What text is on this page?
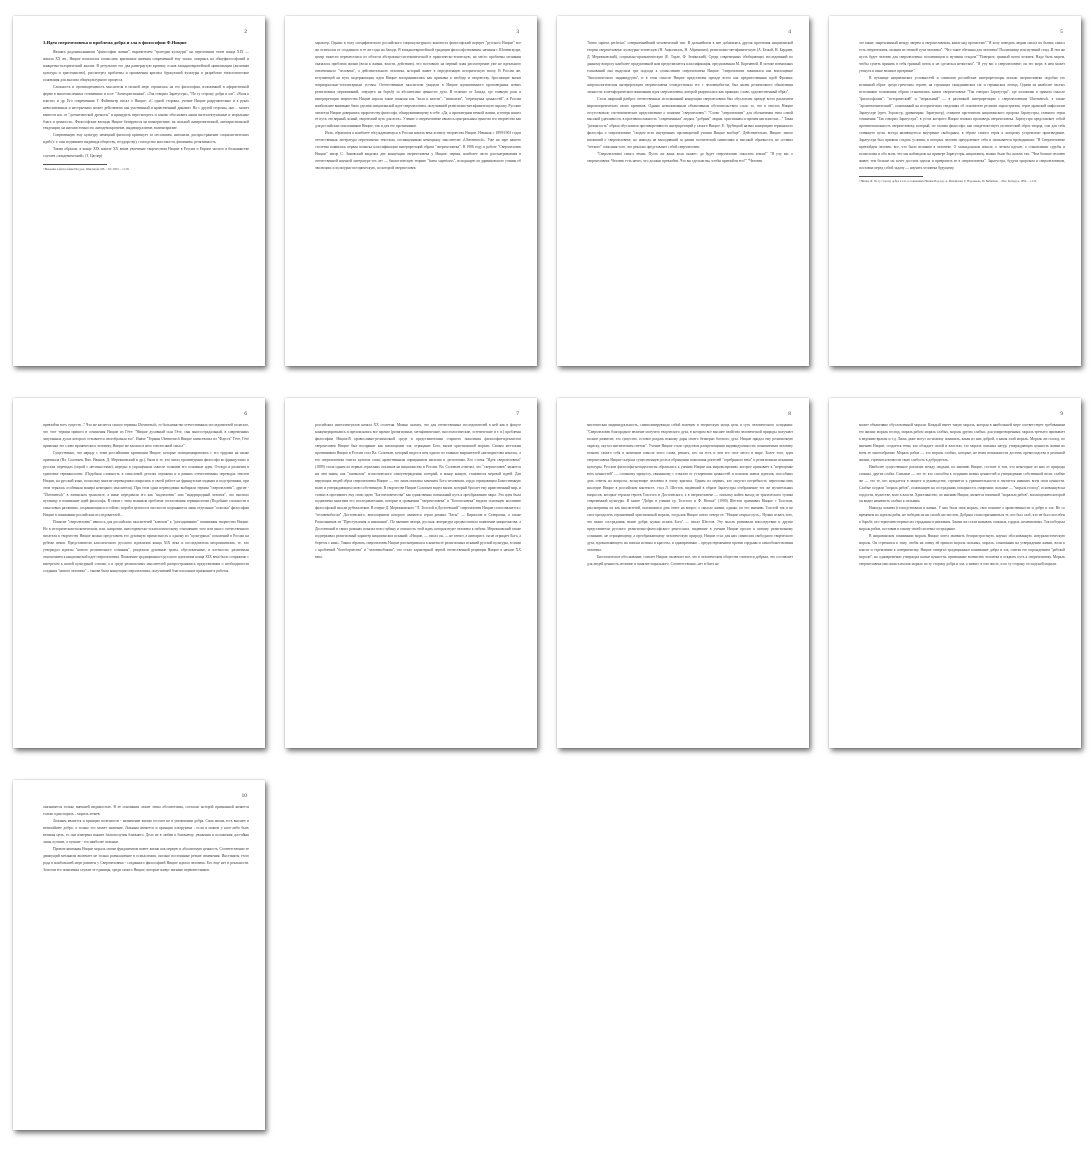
2
3.Идея сверхчеловека и проблема добра и зла в философии Ф.Ницше

Являясь родоначальником "философии жизни", выразителем "трагедии культуры" на переломном этапе конца XIX — начала XX вв., Ницше попытался осмыслить кризисные явления современной ему эпохи, опираясь на общефилософский и конкретно-исторический анализ. В результате его два развернутую критику основ западноевропейской цивилизации (античная культура и христианство), рассмотрел проблемы и проявления кризиса буржуазной культуры в разработке типологические основания для анализа общекультурного процесса.

Сложность и противоречивость мыслителя в полной мере отразилась на его философии, изложенной в афористичной форме в многочисленных сочинениях и эссе: "Антихристианин", «Так говорил Заратустра», "По ту сторону добра и зла", «Воля к власти» и др. Его современник Г. Файхингер писал о Ницше: «С одной стороны, учение Ницше разрушительно и в руках невоспитанных и несерьезных может действовать как умственный и нравственный динамит. Но с другой стороны, оно… может вывести нас от "догматической дремоты" и принудить пересмотреть и заново обосновать наши интеллектуальные и моральные блага и ценности». Философские взгляды Ницше базируются на иммористине, на сильной антирелигиозной, антихристианской тенденции, на нигилистичности, антидемократизме, индивидуализме, волюнтаризме.

Современную ему культуру немецкий философ критикует за пессимизм, нигилизм, распространение социалистических идей (т. е. они подчиняют индивида обществу, государству), господство массовости, феминизм, релятивность.

Таким образом, в конце XIX начале XX веков увлечение творчеством Ницше в России и Европе носило в большинстве случаев «эпидемический» (Т. Цатлер)

¹ Введение в философию/Под ред. Шмелевой О.В. – М.: 2003. – с.128.
3

характер. Однако в силу специфического российского социокультурного контекста философский портрет "русского Ницше" все же отличался от созданного в те же годы на Западе. В западноевропейской традиции философствования, начиная с Шопенгауэра, центр тяжести переместился из области абстрактно-систематической в практическо-этическую, на место проблемы познания оказалась проблема жизни (воля к жизни, власти, действию), что поставило на первый план рассмотрение уже не идеального отвлеченного "человека", а действительного человека, который живет в определенную историческую эпоху. В России же, вступающей на путь модернизации, идеи Ницше воспринимались как призывы к свободе и творчеству, бросающие вызов патриархально-тоталитарным устоям. Отечественные мыслители увидели в Ницше вдохновенного проповедника новых религиозных переживаний, зовущего на борьбу за абсолютные ценности духа. В отличие от Запада, где главную роль в интерпретации творчества Ницше играли такие понятия как "воля к власти", "нигилизм", "переоценка ценностей", в России наибольшее внимание было уделено ницшеанской идее сверхчеловека, получившей религиозно-метафизическую окраску. Русские читатели Ницше доверялись пророчеству философа, обнаруживающему в себе: «Да, я проповедник вечной жизни, и теперь нашел ее путь: ею верный, ясный, творческий путь для всех». Учение о сверхчеловеке явилось центральным пунктом его творчества как для российских поклонников Ницше, так и для его противников.

Итак, обратимся к наиболее обсуждавшемуся в России начала века аспекту творчества Ницше. Начиная с 1899/1903 годов отечественная литература переполнена текстами, посвященными немецкому мыслителю «Ubermensch». Уже на заре вашего столетия появилась первая попытка классификации интерпретаций образа "сверхчеловека". В 1906 году в работе "Сверхчеловек Ницше" автор С. Зиновский выделил две концепции сверхчеловека у Ницше: первая, наиболее часто рассматриваемая в отечественной научной литературе тех лет — биологическую теорию "homo superiorus", исходящую из дарвиновского учения об эволюции; и культурно-историческую, по которой сверхчеловек

4

"homo sapiens perfectus" совершеннейший человеческий тип. В дальнейшем в нее добавилась другая прочтения ницшеанской теории сверхчеловека: культурно-этическую (Н. Аяксенталь, Н. Абрамович), религиозно-метафизическую (А. Белый, Н. Бердяев, Д. Мережковский), социально-прагматическую (Е. Тарле, Ф. Зелинский). Среди современных обобщающих исследований по данному вопросу наиболее продуктивной нам представляется классификация, предложенная М. Кореневой. В потоке возможных толкований она выделила три подхода к осмыслению сверхчеловека Ницше: "сверхчеловек понимался как воплощение "биологического индивидуума", и в этом смысле Ницше представлен прежде всего как предшественник идей Фромма; антропологическая интерпретация сверхчеловека отождествляла его с человекобогом, был явлен религиозного обновления личности; в метафорическом понимании идея сверхчеловека, которой разрушалась как принцип, слово, художественный образ".

Столь широкий разброс отечественных истолкований концепции сверхчеловека был обусловлен прежде всего различием мировоззренческих своих критиков. Однако немаловажным объективным обстоятельством стало то, что в текстах Ницше отсутствовало систематическое представление о понятии "сверхчеловек": "Слово "сверхчеловек" для обозначения типа самой высокой удачливости, в противоположность "современным" людям, "добрым" людям, христианам и прочим нигилистам…" Такая "размытость" образа обусловила противоречивость интерпретаций у самого Ницше. Е. Трубецкой назвал концепцию германского философа о сверхчеловеке "сводом всех внутренних противоречий учения Ницше вообще". Действительно, Ницше, много писавший о сверхчеловеке, но никогда не выходивший за рамки поэтической символики и высокой образности, не оставил "четкого" описания того, что реально представляет собой сверхчеловек:

"Сверхчеловека смысл земли. Пусть же ваша воля скажет: да будет сверхчеловек смыслом земли!" "Я учу вас о сверхчеловеке. Человек есть нечто, что должно превзойти. Что вы сделали вы, чтобы превзойти его?" "Человек

5

это канат, закрепленный между зверем и сверхчеловеком, канат над пропастью"."Я хочу поведать людям смысл их бытия; смысл есть сверхчеловек, молния из темной тучи человека". "Что такое обезьяна для человека? Посмешище или мучений стыд. И тем же пусть будет человек для сверхчеловека: посмешищем и мучения стыдом"."Поверьте, грязный поток человек. Надо быть морем, чтобы суметь принять в себя грязный поток и не сделаться нечистым". "Я учу вас о сверхчеловеке; он это море, в нем может утонуть и ваше великое презрение".

В путанице ницшеанских условностей и символов российские интерпретаторы искали сверхчеловека подобно его истинный образ: среди греческих героев, на страницах скандинавских саг и германских легенд. Одним из наиболее частых источников толкования образа становились книги сверхчеловека "Так говорил Заратустра", где изложены в прямом смысле "философским", "исторический" и "моральный" — в различной интерпретации с сверхчеловеком Ubermensch, а также "архитектонический", основанный на исторических сведениях об основателе религии зороастризма, герое иранской мифологии Заратустре (греч. Зороастр, древнеиран. Заратуштр), ставшем прототипом ницшеанского пророка Заратустры, главного героя сочинения "Так говорил Заратустра", в устах которого Ницше вложил проповедь сверхчеловека. Заратустра представляет собой противоположность сверхчеловеку, который, по словам философа, как свидетельствует поэтический образ творца, сам для себя ставящего цели, всегда являющегося внутренне свободным, в образе самого героя к которому устремлено произведение. Заратустра был призван создать условия, в которых человек преодолевает себя и оказывается проводником: "В Сверхчеловеке превзойден человек, все, что было великим в человеке. О халкидонском начале, о четком идеале, о становлении судьбы и психологии и обо всем, что мы наблюдали на примере Заратустры, ницшеанец, можно было бы сказать так: "Чем больше человек живет, тем больше он хочет достичь идеала и превратить ее в сверхчеловека". Заратустра, будучи пророком и сверхчеловеком, поставил перед собой задачу — научить человека будущему.

¹ Ницше Ф. По ту сторону добра и зла, в сочинениях Ницше/Под ред. А. Михайлова, Е. Воронкова, М. Бибихина. – Мн.: Беларусь, 1992. – с.132.
6

превзойти всех существ..." Что же касается самого термина Ubermensch, то большинство отечественных исследователей полагало, что этот термин пришел в сочинения Ницше из Гёте: "Ницше духовный сын Гёте, сын многострадальный, в современных запутанных духах которого отзывается своеобразная эхо". Иначе "Термин Ubermensch Ницше заимствовал из "Фауста" Гёте, Гёте применял это слово иронически к человеку, Ницше же вложил в него совсем иной смысл".

Существенно, что наряду с теми российскими критиками Ницше, которые позиционировались с его трудами на языке оригинала (Вл. Соловьев, Вяч. Иванов, Д. Мережковский и др.), были и те, кто читал произведения философа во французских и русских переводах (порой с неточностями), нередко в упрощённом смысле толковав его основные идеи. Отсюда и различия в трактовке терминологии. (Подобная сложность в смысловой деталях отражена и в ранних отечественных переводах текстов Ницше, на русский язык, поскольку многие переводчики опирались в своей работе на французские издания и подстрочники, при этом терялась особенная манера немецкого мыслителя). При этом одни переводчики выбирали термин "сверхчеловек", другие - "Übermensch" в латинском транслите, а иные передавали его как "надчеловек" или "надприродный человек", что вносило путаницу в понимание идей философа. В связи с этим возникла проблема согласования терминологии (Подобные сложности в смысловых различиях, сохраняющихся и сейчас: порой в целом и в частности сохраняются лишь отдельные "осколки" философии Ницше в понимании российских исследователей...

Понятие "сверхчеловек" явилось для российских мыслителей "ключом" к "разгадыванию" понимания творчества Ницше. Но в историческом-политическом, или, напротив, внесторическо-эсхатологическому отношению того или иного отечественного писателя к творчеству Ницше можно представить его духовную причастность к одному из "культурных" поколений в России на рубеже веков. Представители классического русского идеализма конца XIX века и последователи неоромантизма, те, кто утверждал идеалы "нового религиозного сознания", разделяли духовные траты, обусловленные, в частности, различным отношением к ницшеанской идее сверхчеловека. Появление традиционного русского идеализма конца XIX века было сопряжено с интересом к новой культурной стихии, а в среде религиозных мыслителей распространялись представления о необходимости создания "нового человека" – такова была концепция сверхчеловека, получившей благосклонное признание в работах.

7

российских интеллектуалов начала XX столетия. Можно сказать, что для отечественных исследователей в ней как в фокусе концентрировались и преломлялись все прочие (религиозные, метафизические, гносеологические, эстетические и т. п.) проблемы философии Ницше.В православно-религиозной среде и представителями старшего поколения философов-идеалистов сверхчеловек Ницше был воспринят как воплощение зла, отрицание Бога, вызов христианской морали. Самым жестоким противником Ницше в России стал Вл. Соловьев, который видел в нем одного из главных выразителей «антихристова начала», а его сверхчеловека считал культом силы, нравственным оправданием насилия и деспотизма. Его статья "Идея сверхчеловека" (1899) стала одним из первых серьезных откликов на ницшеанство в России. Вл. Соловьев отмечал, что "сверхчеловек" является ни чем иным, как "символом" эгоистического самоутверждения, который, в конце концов, становится мертвой идеей. Для верующих людей образ сверхчеловека Ницше — это лишь попытка заменить Бога человеком, гордо отрицающим Божественную волю и утверждающим свою собственную. В творчестве Ницше Соловьев видел вызов, который бросает ему нравственный мир, и ставил в противовес ему свою идею "Богочеловечества" как единственно возможный путь к преображению мира. Эта идея была подхвачена многими его последователями, которые в сравнении "сверхчеловека" и "Богочеловека" видели основную коллизию философской мысли рубежа веков. В очерке Д. Мережковского "Л. Толстой и Достоевский" сверхчеловек Ницше сопоставляется с "человекобогом" Достоевского, воплощением которого являются герои романа "Бесы" — Кириллов и Ставрогин, а также Раскольников из "Преступления и наказания". По мнению автора, русская литература предвосхитила появление ницшеанства, а Достоевский в своих романах показал всю глубину и опасность этой идеи, которая ведет человека к гибели. Мережковский также подчеркивал религиозный характер ницшеанских исканий: «Ницше, — писал он, — не атеист, а антихрист, он не отрицает Бога, а борется с ним». Таким образом, сверхчеловек Ницше рассматривался в контексте религиозных исканий русской культуры, в связи с проблемой "богоборчества" и "человекобожия", что стало характерной чертой отечественной рецепции Ницше в начале XX века.

8

мистическая индивидуальность, символизирующая собой волевую и творческую мощь цель и суть человеческого созидания: "Сверхчеловек благородное величие могучего творческого духа, в котором все высшее свойства человеческой природы получают полное развитие, это существо, готовое раздать всякому дары своего безмерно богатого духа. Ницше придал ему религиозную окраску, окутал мистическим светом". Учение Ницше стало средством раскрепощения индивидуальности, понимаемым человеку познать самого себя в античном смысле этого слова, решить, кто он есть и чем его свое место в мире. Более того, идея сверхчеловека Ницше сыграла существенную роль в обращении поколения деятелей "серебряного века" к религиозным исканиям культуры. Русские философы-неоидеалисты обратились к учению Ницше как мировоззрению, которое призывает к "переоценке всех ценностей" — сложному процессу, связанному с отказом от устаревших ценностей и поиском новых идеалов, способных дать ответы на вопросы, волнующие человека в эпоху кризиса. Одним из первых, кто ощутил потребность переосмыслить наследие Ницше в российском контексте, стал Л. Шестов, видевший в образе Заратустры отображение тех же мучительных вопросов, которые терзали героев Толстого и Достоевского, а в сверхчеловеке — попытку найти выход из трагического тупика современной культуры. В книге "Добро в учении гр. Толстого и Ф. Нитше" (1900) Шестов сравнивал Ницше с Толстым, рассматривая их как мыслителей, пытавшихся дать ответ на вопрос о смысле жизни, однако, по его мнению, Толстой так и не смог преодолеть ограничений христианской морали, тогда как Ницше смело отверг ее. "Ницше открыл путь... Нужно искать того, что выше сострадания, выше добра; нужно искать Бога" — писал Шестов. Эту мысль развивали впоследствии и другие представители русского религиозно-философского ренессанса, видевшие в учении Ницше пролог к новому религиозному сознанию, не отрицающему, а преображающему человеческую природу. Ницше стал для них символом свободного творческого духа, вдохновляющего на поиски истины и красоты, и одновременно – предостережением против гордыни и самообожествления человека.

Биологическое обоснование, считает Ницше, включает все, что в человеческом обществе считается добрым, что составляет для людей ценность, величие и понятие морального. Соответственно, нет и быть не

9

может объективно обусловленной морали. Каждый имеет такую мораль, которая в наибольшей мере соответствует требованиям его жизни: мораль господ, мораль рабов; мораль слабых, мораль других слабых, для умиротворенных; мораль третьего призывает к ведению врагам и т.д. Лишь даже могут по-новому понимать, какая из них доброй, а какая злой мораль. Мораль же господ, по мнению Ницше, создается теми, кто обладает силой и властью, это мораль сильных натур, утверждающих ценность жизни во всем ее многообразии. Мораль рабов — это мораль слабых, которые, не имея возможности достичь превосходства в реальной жизни, стремятся возвести свою слабость в добродетель.

Наиболее существенное различие между людьми, по мнению Ницше, состоит в том, что некоторые из них от природы сильны, другие слабы. Сильные — это те, кто способен к созданию новых ценностей и утверждению собственной воли; слабые же — это те, кто нуждается в защите и руководстве, стремится к уравнительности и пытается навязать всем свои ценности. Слабые создали "мораль рабов", основанную на сострадании, покорности, смирении; сильные — "мораль господ", основанную на гордости, мужестве, воле к власти. Христианство, по мнению Ницше, является типичной "моралью рабов", воплощением которой он видит ненависть слабых к сильным.

Никогда хозяева (господствовали в жизни. У них была своя мораль, свое понятие о нравственности и добре и зле. Но со временем их идеалы рабы, не победив их ни силой, ни числом, Добрым стали признаваться те, кто был слаб, кто не был способен к борьбе, кто терпеливо переносил страдания и унижения. Злыми же стали называть сильных, гордых, независимых. Так победила мораль рабов, поставив в основу своей системы сострадание.

В ницшеанском понимании мораль Ницше хотел заменить беспристрастную, научно обоснованную, натуралистическую мораль. Он стремился к тому, чтобы на смену ей пришла мораль сильных, мораль, основанная на утверждении жизни, воли к власти и стремлении к совершенству. Ницше отвергал традиционное понимание добра и зла, считая его порождением "рабской морали", но одновременно утверждал новые ценности, призванные возвысить человека и открыть путь к сверхчеловеку. Мораль сверхчеловека мыслилась им как мораль по ту сторону добра и зла, а значит, в том числе, и по ту сторону господской морали.

10

оказывается только внешней видимостью. В ее основании лежит этика абсолютизма, согласно которой признанной является только одна мораль – мораль хозяев.

Ложным является и принцип полезности - назначение жизни состоит не в увеличении добра. Сама жизнь есть высшее и величайшее добро, а только это может значение. Ложным является и принцип альтруизма : если я можем у кого-либо быть великая цель, то она измерена важнее благополучия ближнего. Дело не в любви к ближнему; уважения и положения достойны лишь лучшие, а лучшие - это наиболее сильные.

Провозглашенная Ницше мораль своим фундаментом имеет жизнь как первую и абсолютную ценность. Соответственно ее движущий механизм включает не только размышление в осмыслении, сколько постоянные резкие изменения. Инстинкты этого рода в наибольшей мере развиты у Сверхчеловека - созданного философией Ницше идеала человека. Его еще нет в реальности. Золотом его появления служит те единицы, среди самого Ницше, которые живут жизнью первовестников.
